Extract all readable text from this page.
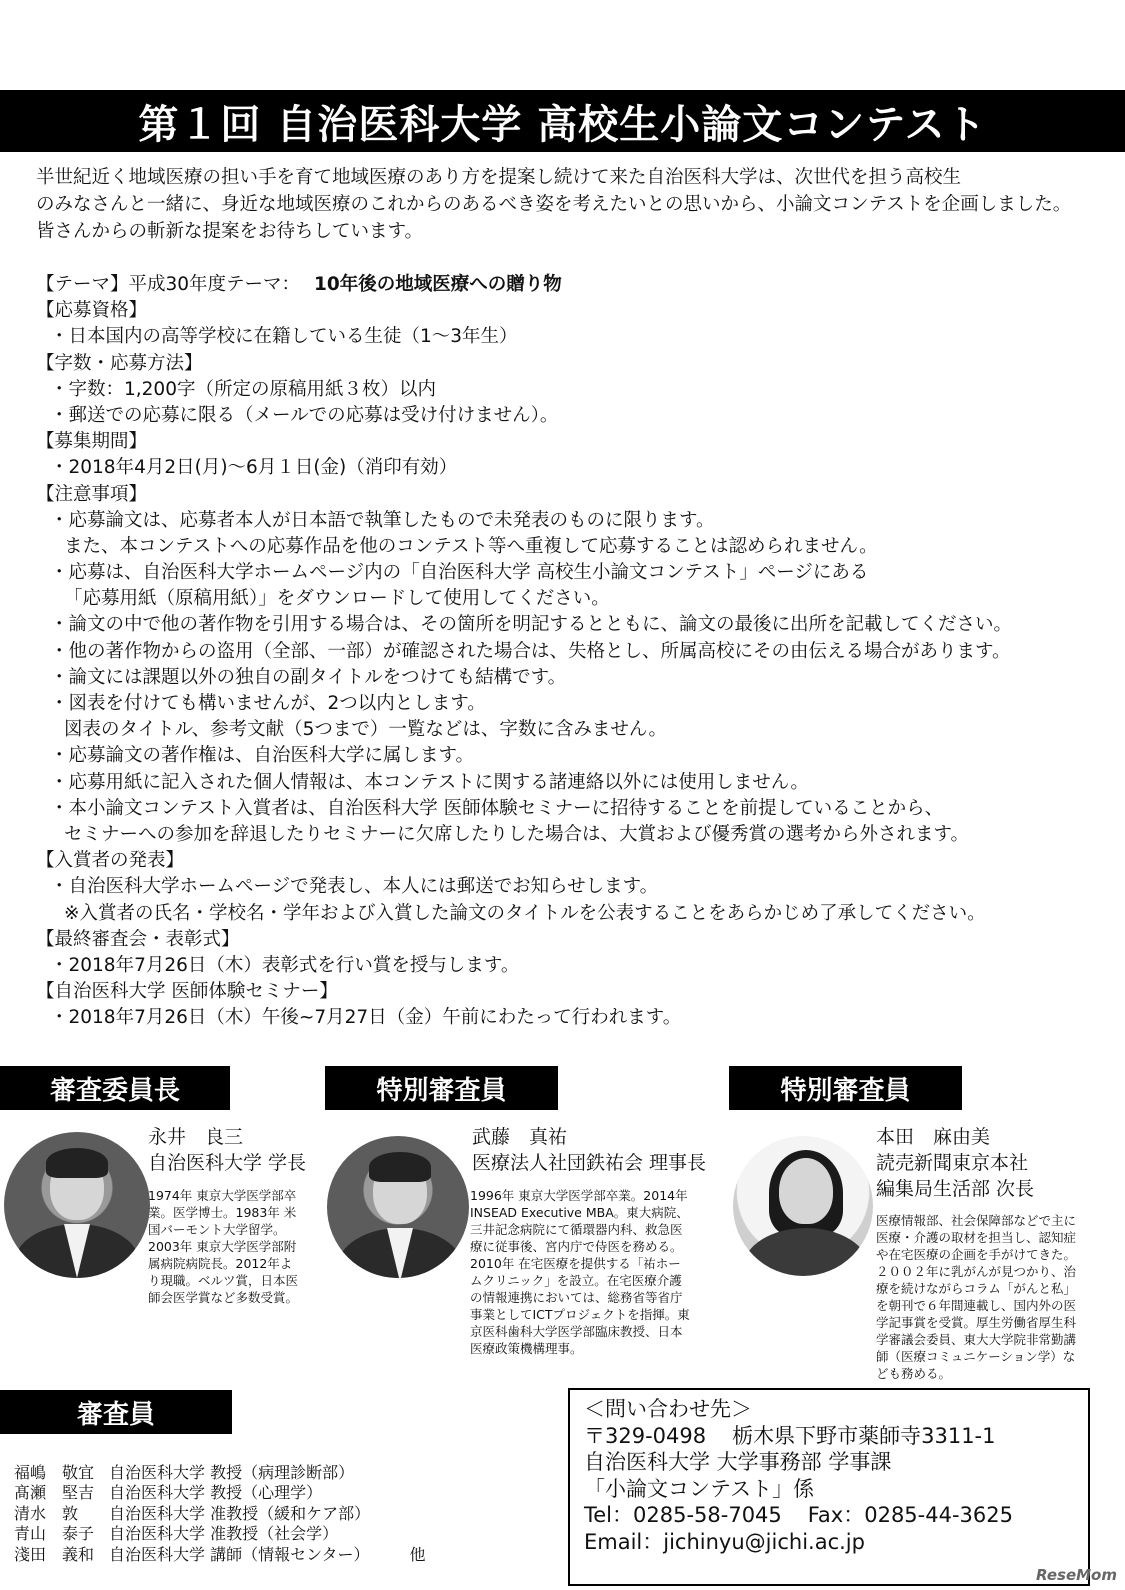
第１回 自治医科大学 高校生小論文コンテスト

半世紀近く地域医療の担い手を育て地域医療のあり方を提案し続けて来た自治医科大学は、次世代を担う高校生

のみなさんと一緒に、身近な地域医療のこれからのあるべき姿を考えたいとの思いから、小論文コンテストを企画しました。

皆さんからの斬新な提案をお待ちしています。

【テーマ】平成30年度テーマ： 10年後の地域医療への贈り物
【応募資格】
・日本国内の高等学校に在籍している生徒（1～3年生）
【字数・応募方法】
・字数：1,200字（所定の原稿用紙３枚）以内
・郵送での応募に限る（メールでの応募は受け付けません）。
【募集期間】
・2018年4月2日(月)～6月１日(金)（消印有効）
【注意事項】
・応募論文は、応募者本人が日本語で執筆したもので未発表のものに限ります。
また、本コンテストへの応募作品を他のコンテスト等へ重複して応募することは認められません。
・応募は、自治医科大学ホームページ内の「自治医科大学 高校生小論文コンテスト」ページにある
「応募用紙（原稿用紙）」をダウンロードして使用してください。
・論文の中で他の著作物を引用する場合は、その箇所を明記するとともに、論文の最後に出所を記載してください。
・他の著作物からの盗用（全部、一部）が確認された場合は、失格とし、所属高校にその由伝える場合があります。
・論文には課題以外の独自の副タイトルをつけても結構です。
・図表を付けても構いませんが、2つ以内とします。
図表のタイトル、参考文献（5つまで）一覧などは、字数に含みません。
・応募論文の著作権は、自治医科大学に属します。
・応募用紙に記入された個人情報は、本コンテストに関する諸連絡以外には使用しません。
・本小論文コンテスト入賞者は、自治医科大学 医師体験セミナーに招待することを前提していることから、
セミナーへの参加を辞退したりセミナーに欠席したりした場合は、大賞および優秀賞の選考から外されます。
【入賞者の発表】
・自治医科大学ホームページで発表し、本人には郵送でお知らせします。
※入賞者の氏名・学校名・学年および入賞した論文のタイトルを公表することをあらかじめ了承してください。
【最終審査会・表彰式】
・2018年7月26日（木）表彰式を行い賞を授与します。
【自治医科大学 医師体験セミナー】
・2018年7月26日（木）午後~7月27日（金）午前にわたって行われます。
審査委員長	特別審査員	特別審査員
永井　良三
自治医科大学 学長
1974年 東京大学医学部卒
業。医学博士。1983年 米
国バーモント大学留学。
2003年 東京大学医学部附
属病院病院長。2012年よ
り現職。ベルツ賞，日本医
師会医学賞など多数受賞。
武藤　真祐
医療法人社団鉄祐会 理事長
1996年 東京大学医学部卒業。2014年
INSEAD Executive MBA。東大病院、
三井記念病院にて循環器内科、救急医
療に従事後、宮内庁で侍医を務める。
2010年 在宅医療を提供する「祐ホー
ムクリニック」を設立。在宅医療介護
の情報連携においては、総務省等省庁
事業としてICTプロジェクトを指揮。東
京医科歯科大学医学部臨床教授、日本
医療政策機構理事。
本田　麻由美
読売新聞東京本社
編集局生活部 次長
医療情報部、社会保障部などで主に
医療・介護の取材を担当し、認知症
や在宅医療の企画を手がけてきた。
２００２年に乳がんが見つかり、治
療を続けながらコラム「がんと私」
を朝刊で６年間連載し、国内外の医
学記事賞を受賞。厚生労働省厚生科
学審議会委員、東大大学院非常勤講
師（医療コミュニケーション学）な
ども務める。
審査員
福嶋　敬宜 自治医科大学 教授（病理診断部）
髙瀬　堅吉 自治医科大学 教授（心理学）
清水　敦	自治医科大学 准教授（緩和ケア部）
青山　泰子 自治医科大学 准教授（社会学）
淺田　義和 自治医科大学 講師（情報センター）	他
＜問い合わせ先＞
〒329-0498 栃木県下野市薬師寺3311-1
自治医科大学 大学事務部 学事課
「小論文コンテスト」係
Tel：0285-58-7045 Fax：0285-44-3625
Email：jichinyu@jichi.ac.jp
ReseMom
